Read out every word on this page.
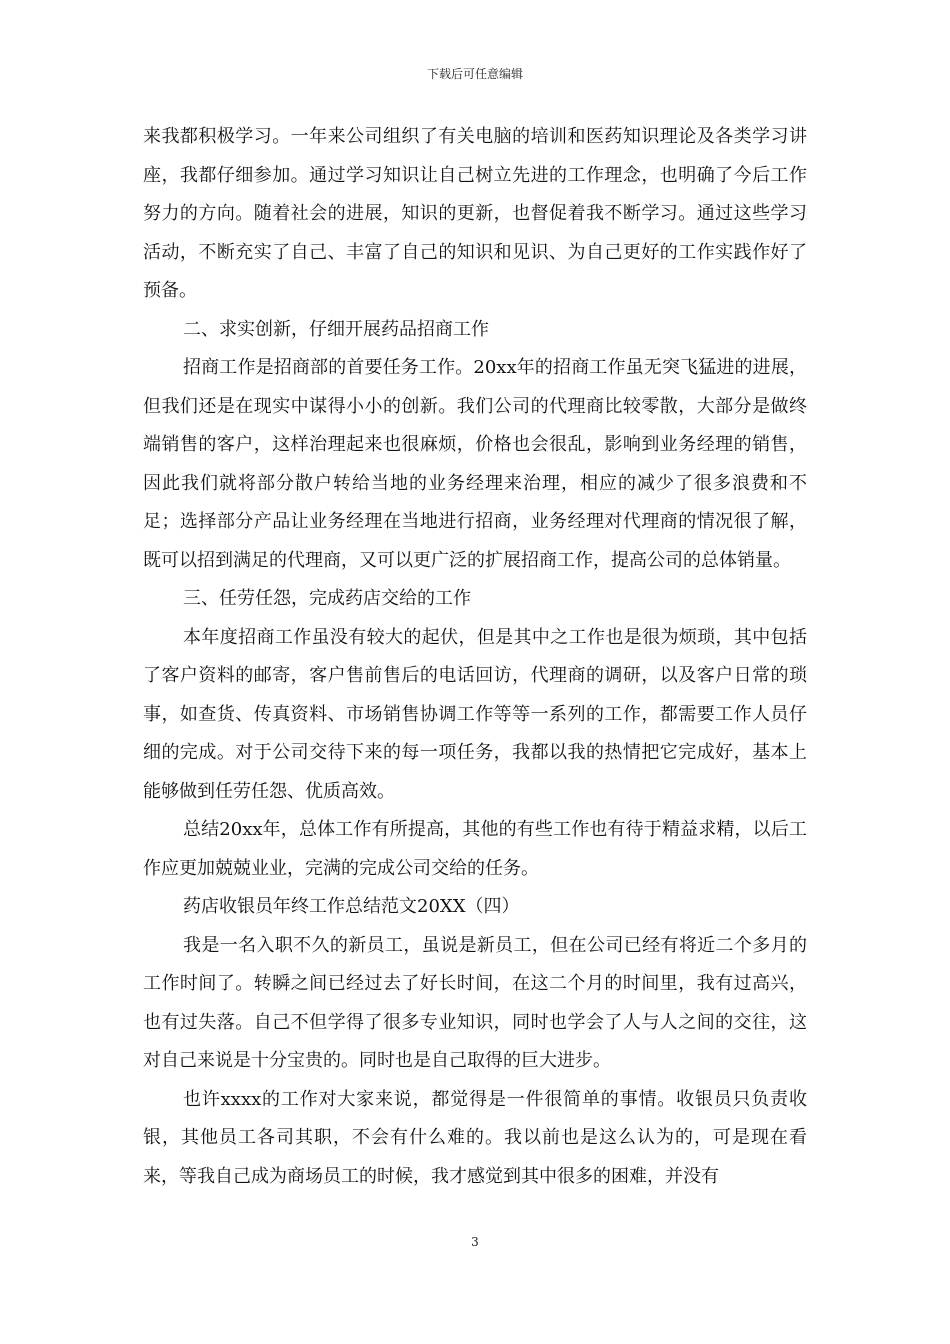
下载后可任意编辑

来我都积极学习。一年来公司组织了有关电脑的培训和医药知识理论及各类学习讲座，我都仔细参加。通过学习知识让自己树立先进的工作理念，也明确了今后工作努力的方向。随着社会的进展，知识的更新，也督促着我不断学习。通过这些学习活动，不断充实了自己、丰富了自己的知识和见识、为自己更好的工作实践作好了预备。

二、求实创新，仔细开展药品招商工作

招商工作是招商部的首要任务工作。20xx年的招商工作虽无突飞猛进的进展，但我们还是在现实中谋得小小的创新。我们公司的代理商比较零散，大部分是做终端销售的客户，这样治理起来也很麻烦，价格也会很乱，影响到业务经理的销售，因此我们就将部分散户转给当地的业务经理来治理，相应的减少了很多浪费和不足；选择部分产品让业务经理在当地进行招商，业务经理对代理商的情况很了解，既可以招到满足的代理商，又可以更广泛的扩展招商工作，提高公司的总体销量。

三、任劳任怨，完成药店交给的工作

本年度招商工作虽没有较大的起伏，但是其中之工作也是很为烦琐，其中包括了客户资料的邮寄，客户售前售后的电话回访，代理商的调研，以及客户日常的琐事，如查货、传真资料、市场销售协调工作等等一系列的工作，都需要工作人员仔细的完成。对于公司交待下来的每一项任务，我都以我的热情把它完成好，基本上能够做到任劳任怨、优质高效。

总结20xx年，总体工作有所提高，其他的有些工作也有待于精益求精，以后工作应更加兢兢业业，完满的完成公司交给的任务。

药店收银员年终工作总结范文20XX（四）

我是一名入职不久的新员工，虽说是新员工，但在公司已经有将近二个多月的工作时间了。转瞬之间已经过去了好长时间，在这二个月的时间里，我有过高兴，也有过失落。自己不但学得了很多专业知识，同时也学会了人与人之间的交往，这对自己来说是十分宝贵的。同时也是自己取得的巨大进步。

也许xxxx的工作对大家来说，都觉得是一件很简单的事情。收银员只负责收银，其他员工各司其职，不会有什么难的。我以前也是这么认为的，可是现在看来，等我自己成为商场员工的时候，我才感觉到其中很多的困难，并没有

3
